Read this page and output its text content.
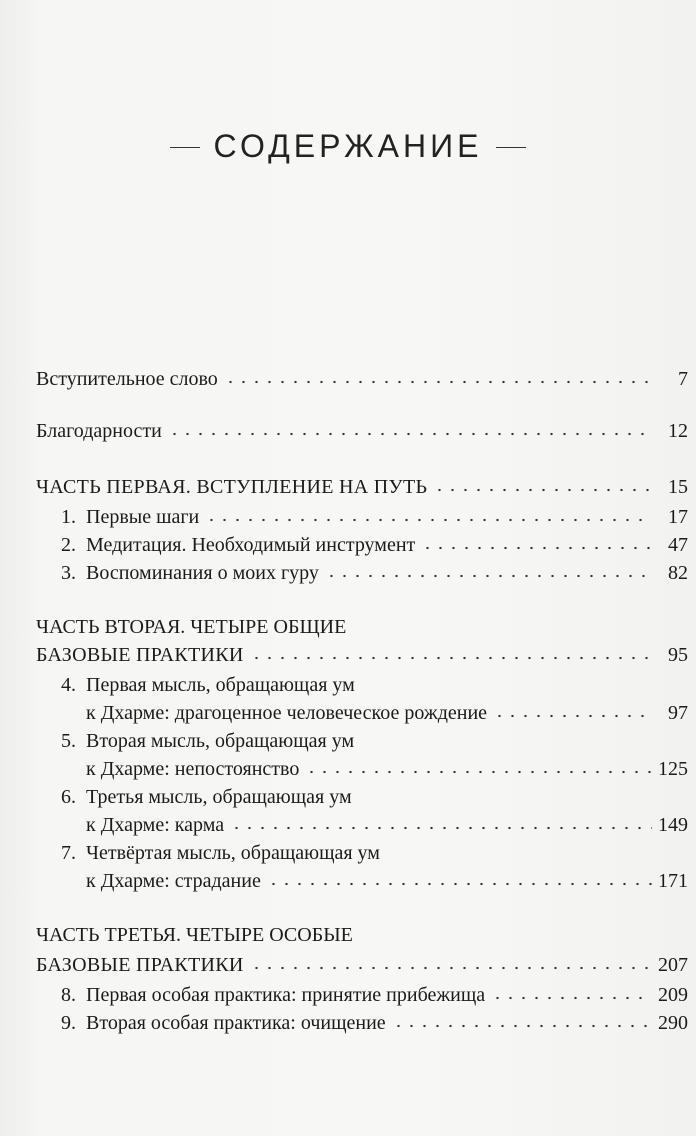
СОДЕРЖАНИЕ
Вступительное слово	7
Благодарности	12
ЧАСТЬ ПЕРВАЯ. ВСТУПЛЕНИЕ НА ПУТЬ	15
1. Первые шаги	17
2. Медитация. Необходимый инструмент	47
3. Воспоминания о моих гуру	82
ЧАСТЬ ВТОРАЯ. ЧЕТЫРЕ ОБЩИЕ
БАЗОВЫЕ ПРАКТИКИ	95
4. Первая мысль, обращающая ум
к Дхарме: драгоценное человеческое рождение	97
5. Вторая мысль, обращающая ум
к Дхарме: непостоянство	125
6. Третья мысль, обращающая ум
к Дхарме: карма	149
7. Четвёртая мысль, обращающая ум
к Дхарме: страдание	171
ЧАСТЬ ТРЕТЬЯ. ЧЕТЫРЕ ОСОБЫЕ
БАЗОВЫЕ ПРАКТИКИ	207
8. Первая особая практика: принятие прибежища	209
9. Вторая особая практика: очищение	290
